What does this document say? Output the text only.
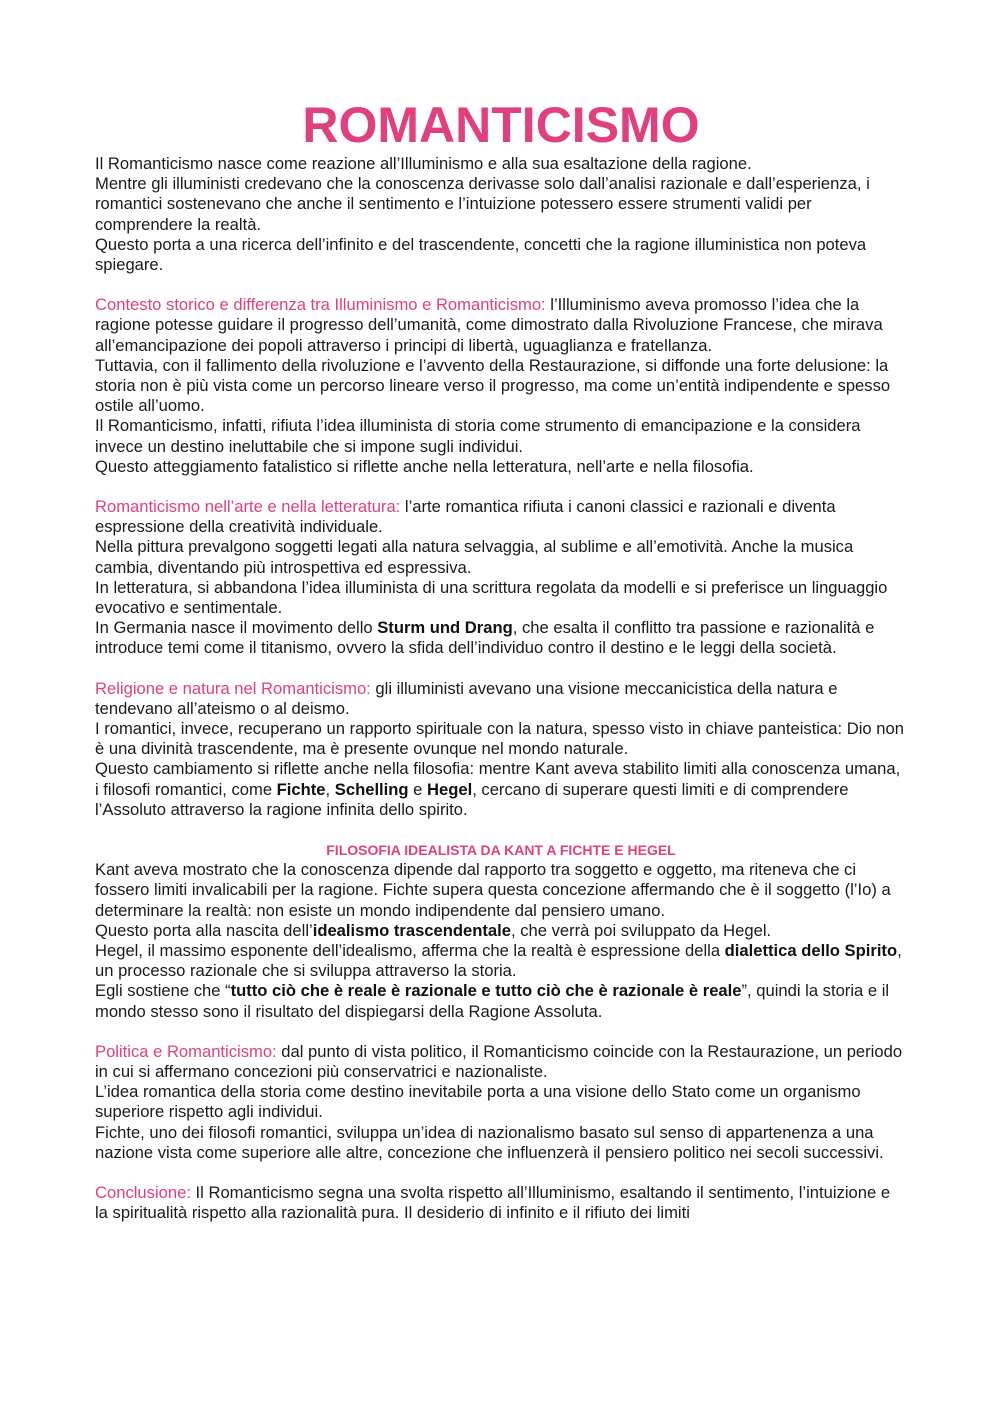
ROMANTICISMO

Il Romanticismo nasce come reazione all’Illuminismo e alla sua esaltazione della ragione.

Mentre gli illuministi credevano che la conoscenza derivasse solo dall’analisi razionale e dall’esperienza, i romantici sostenevano che anche il sentimento e l’intuizione potessero essere strumenti validi per comprendere la realtà.

Questo porta a una ricerca dell’infinito e del trascendente, concetti che la ragione illuministica non poteva spiegare.

Contesto storico e differenza tra Illuminismo e Romanticismo: l’Illuminismo aveva promosso l’idea che la ragione potesse guidare il progresso dell’umanità, come dimostrato dalla Rivoluzione Francese, che mirava all’emancipazione dei popoli attraverso i principi di libertà, uguaglianza e fratellanza.

Tuttavia, con il fallimento della rivoluzione e l’avvento della Restaurazione, si diffonde una forte delusione: la storia non è più vista come un percorso lineare verso il progresso, ma come un’entità indipendente e spesso ostile all’uomo.

Il Romanticismo, infatti, rifiuta l’idea illuminista di storia come strumento di emancipazione e la considera invece un destino ineluttabile che si impone sugli individui.

Questo atteggiamento fatalistico si riflette anche nella letteratura, nell’arte e nella filosofia.

Romanticismo nell’arte e nella letteratura: l’arte romantica rifiuta i canoni classici e razionali e diventa espressione della creatività individuale.

Nella pittura prevalgono soggetti legati alla natura selvaggia, al sublime e all’emotività. Anche la musica cambia, diventando più introspettiva ed espressiva.

In letteratura, si abbandona l’idea illuminista di una scrittura regolata da modelli e si preferisce un linguaggio evocativo e sentimentale.

In Germania nasce il movimento dello Sturm und Drang, che esalta il conflitto tra passione e razionalità e introduce temi come il titanismo, ovvero la sfida dell’individuo contro il destino e le leggi della società.

Religione e natura nel Romanticismo: gli illuministi avevano una visione meccanicistica della natura e tendevano all’ateismo o al deismo.

I romantici, invece, recuperano un rapporto spirituale con la natura, spesso visto in chiave panteistica: Dio non è una divinità trascendente, ma è presente ovunque nel mondo naturale.

Questo cambiamento si riflette anche nella filosofia: mentre Kant aveva stabilito limiti alla conoscenza umana, i filosofi romantici, come Fichte, Schelling e Hegel, cercano di superare questi limiti e di comprendere l’Assoluto attraverso la ragione infinita dello spirito.

FILOSOFIA IDEALISTA DA KANT A FICHTE E HEGEL

Kant aveva mostrato che la conoscenza dipende dal rapporto tra soggetto e oggetto, ma riteneva che ci fossero limiti invalicabili per la ragione. Fichte supera questa concezione affermando che è il soggetto (l’Io) a determinare la realtà: non esiste un mondo indipendente dal pensiero umano.

Questo porta alla nascita dell’idealismo trascendentale, che verrà poi sviluppato da Hegel.

Hegel, il massimo esponente dell’idealismo, afferma che la realtà è espressione della dialettica dello Spirito, un processo razionale che si sviluppa attraverso la storia.

Egli sostiene che “tutto ciò che è reale è razionale e tutto ciò che è razionale è reale”, quindi la storia e il mondo stesso sono il risultato del dispiegarsi della Ragione Assoluta.

Politica e Romanticismo: dal punto di vista politico, il Romanticismo coincide con la Restaurazione, un periodo in cui si affermano concezioni più conservatrici e nazionaliste.

L’idea romantica della storia come destino inevitabile porta a una visione dello Stato come un organismo superiore rispetto agli individui.

Fichte, uno dei filosofi romantici, sviluppa un’idea di nazionalismo basato sul senso di appartenenza a una nazione vista come superiore alle altre, concezione che influenzerà il pensiero politico nei secoli successivi.

Conclusione: Il Romanticismo segna una svolta rispetto all’Illuminismo, esaltando il sentimento, l’intuizione e la spiritualità rispetto alla razionalità pura. Il desiderio di infinito e il rifiuto dei limiti
